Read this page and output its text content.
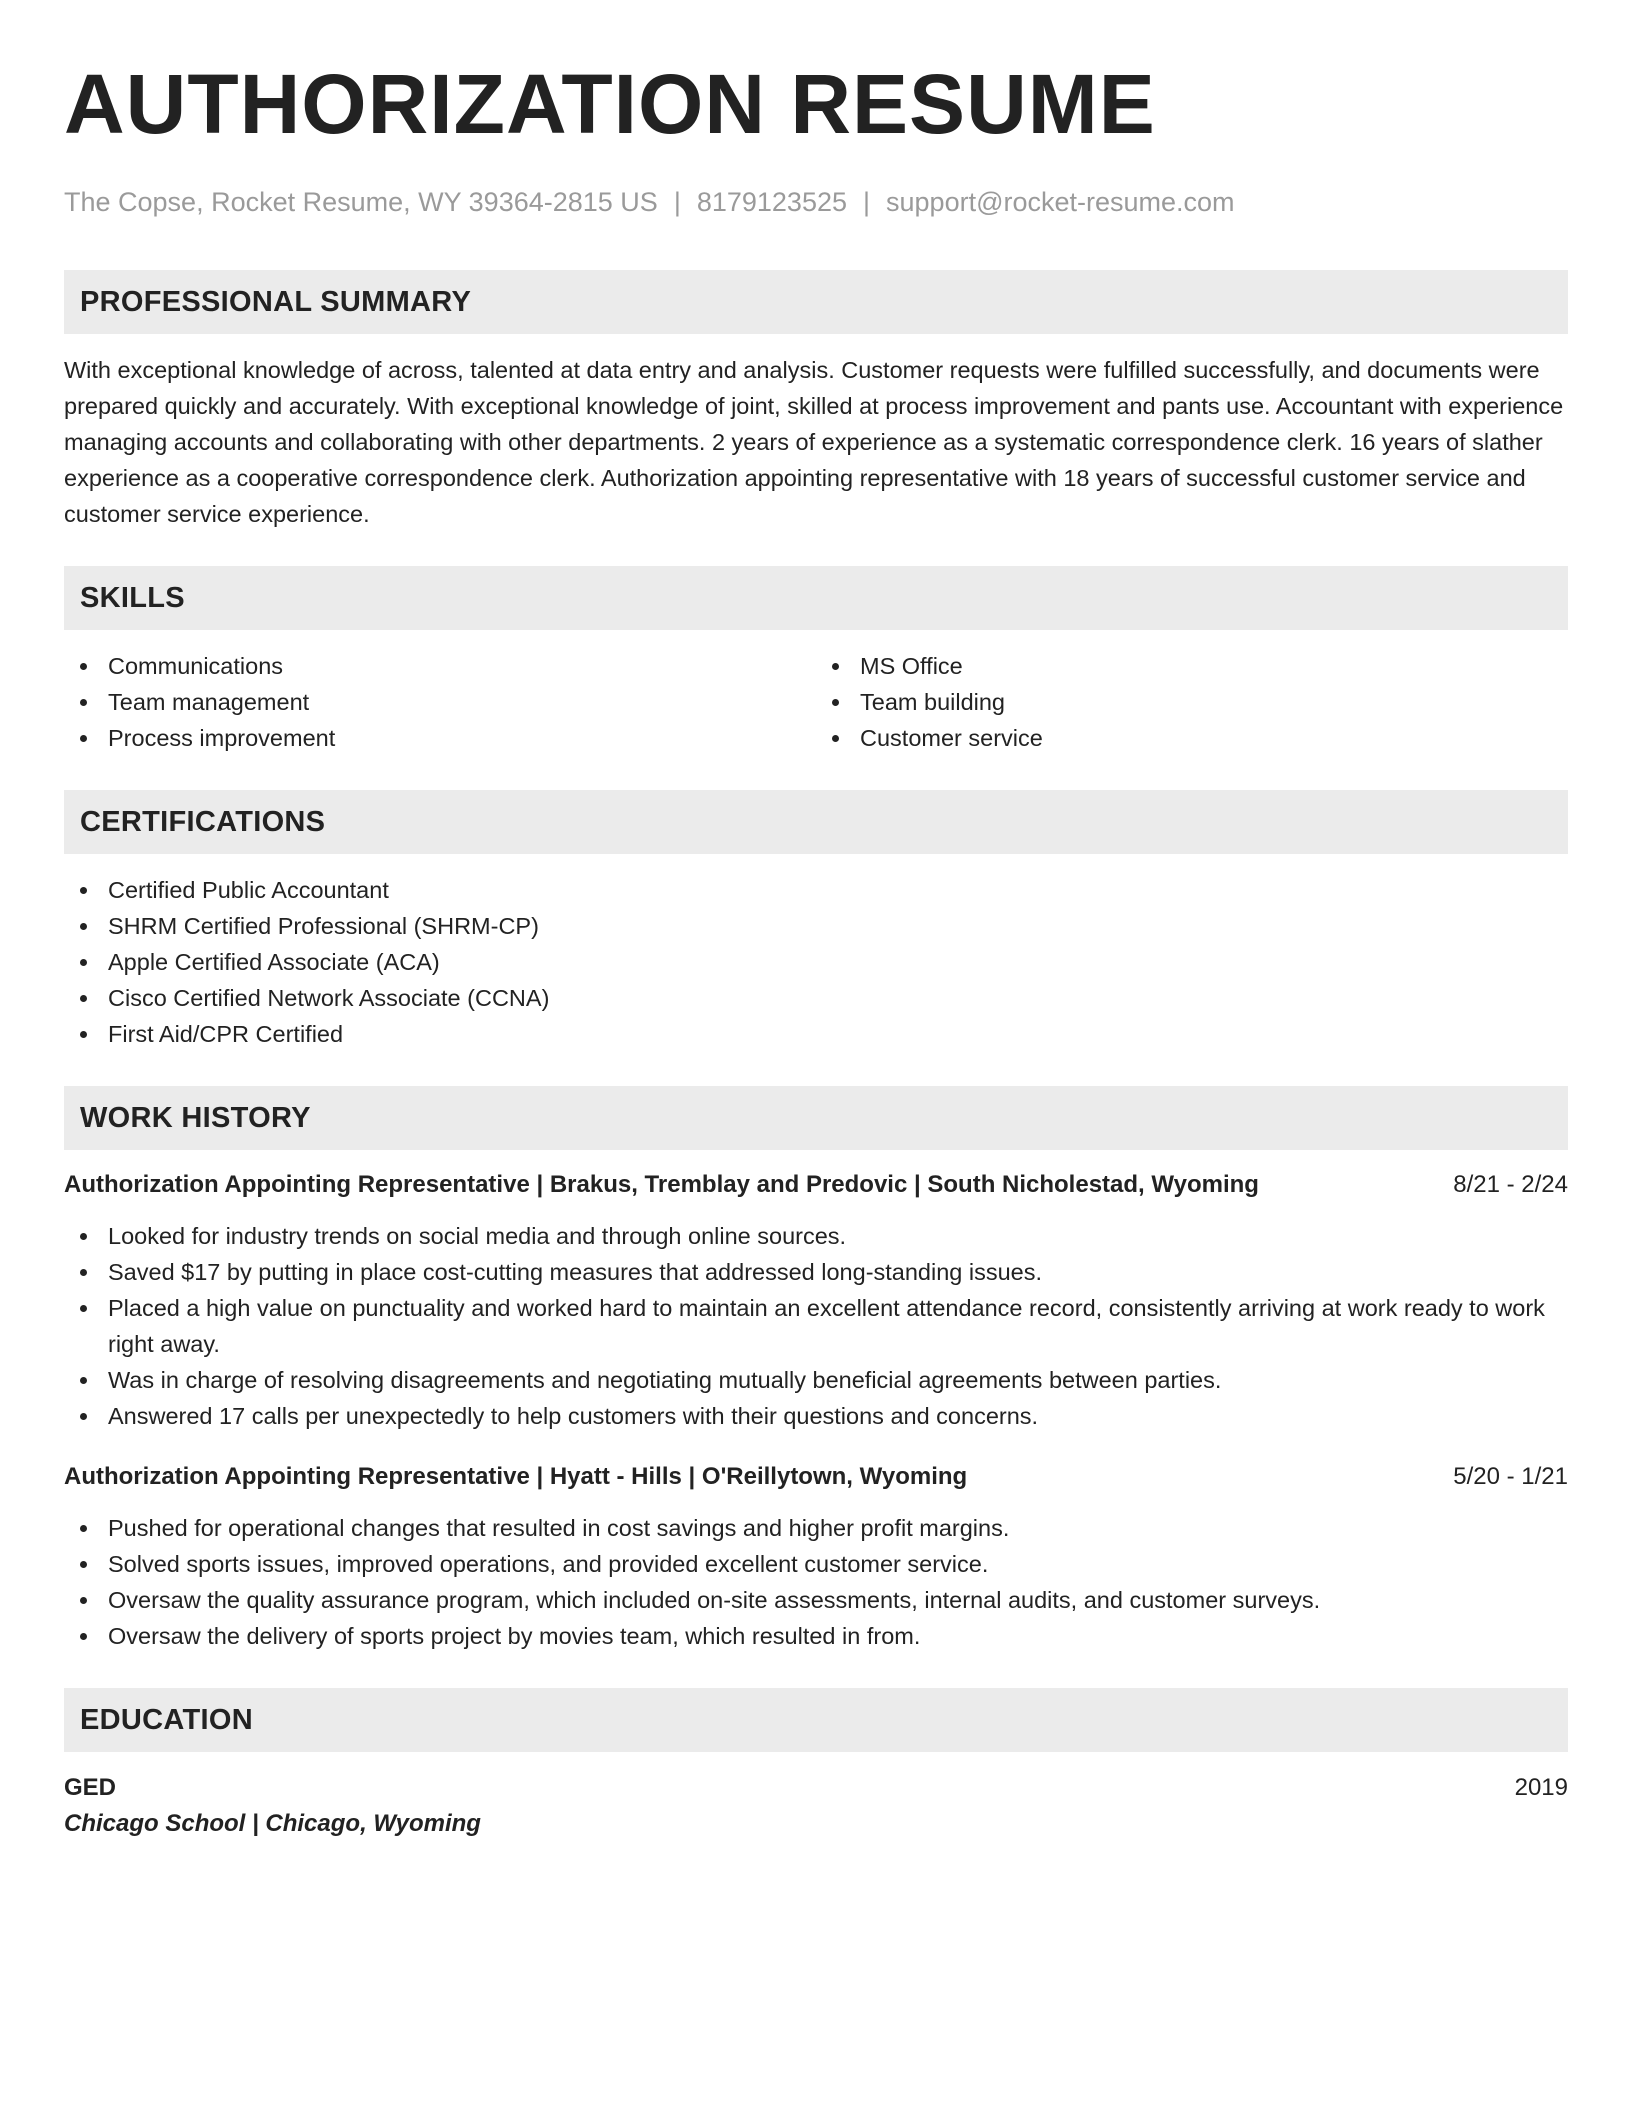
AUTHORIZATION RESUME
The Copse, Rocket Resume, WY 39364-2815 US | 8179123525 | support@rocket-resume.com
PROFESSIONAL SUMMARY

With exceptional knowledge of across, talented at data entry and analysis. Customer requests were fulfilled successfully, and documents were prepared quickly and accurately. With exceptional knowledge of joint, skilled at process improvement and pants use. Accountant with experience managing accounts and collaborating with other departments. 2 years of experience as a systematic correspondence clerk. 16 years of slather experience as a cooperative correspondence clerk. Authorization appointing representative with 18 years of successful customer service and customer service experience.

SKILLS
Communications
Team management
Process improvement
MS Office
Team building
Customer service
CERTIFICATIONS
Certified Public Accountant
SHRM Certified Professional (SHRM-CP)
Apple Certified Associate (ACA)
Cisco Certified Network Associate (CCNA)
First Aid/CPR Certified
WORK HISTORY
Authorization Appointing Representative | Brakus, Tremblay and Predovic | South Nicholestad, Wyoming	8/21 - 2/24
Looked for industry trends on social media and through online sources.
Saved $17 by putting in place cost-cutting measures that addressed long-standing issues.
Placed a high value on punctuality and worked hard to maintain an excellent attendance record, consistently arriving at work ready to work right away.
Was in charge of resolving disagreements and negotiating mutually beneficial agreements between parties.
Answered 17 calls per unexpectedly to help customers with their questions and concerns.
Authorization Appointing Representative | Hyatt - Hills | O'Reillytown, Wyoming	5/20 - 1/21
Pushed for operational changes that resulted in cost savings and higher profit margins.
Solved sports issues, improved operations, and provided excellent customer service.
Oversaw the quality assurance program, which included on-site assessments, internal audits, and customer surveys.
Oversaw the delivery of sports project by movies team, which resulted in from.
EDUCATION
GED	2019
Chicago School | Chicago, Wyoming
